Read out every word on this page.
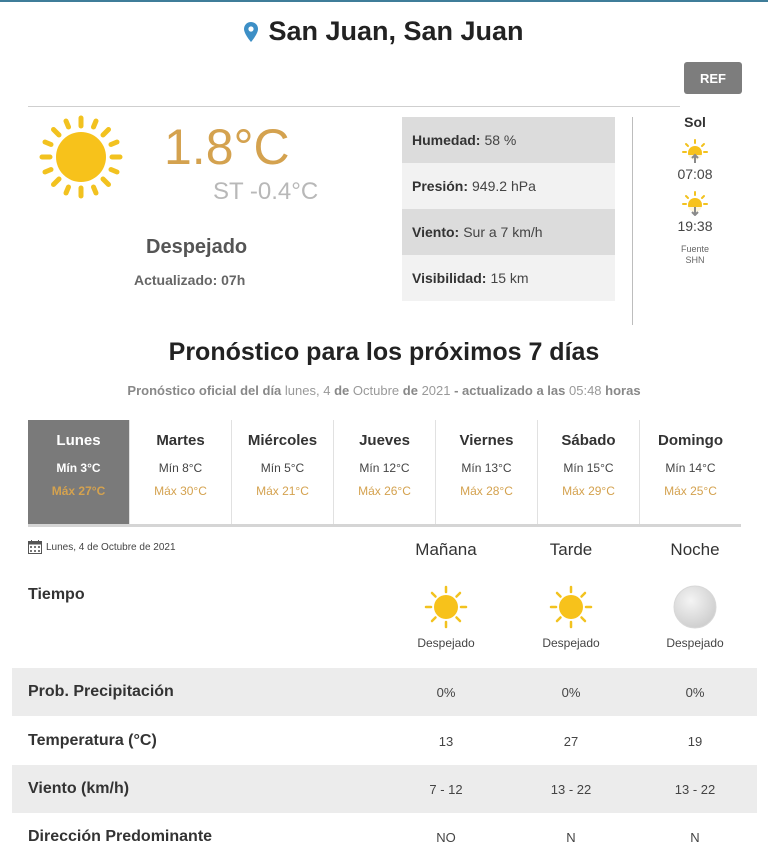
San Juan, San Juan
REF
1.8°C
ST -0.4°C
Despejado
Actualizado: 07h
Humedad: 58 %
Presión: 949.2 hPa
Viento: Sur a 7 km/h
Visibilidad: 15 km
Sol
07:08
19:38
Fuente
SHN
Pronóstico para los próximos 7 días
Pronóstico oficial del día lunes, 4 de Octubre de 2021 - actualizado a las 05:48 horas
Lunes
Mín 3°C
Máx 27°C
Martes
Mín 8°C
Máx 30°C
Miércoles
Mín 5°C
Máx 21°C
Jueves
Mín 12°C
Máx 26°C
Viernes
Mín 13°C
Máx 28°C
Sábado
Mín 15°C
Máx 29°C
Domingo
Mín 14°C
Máx 25°C
Lunes, 4 de Octubre de 2021	Mañana	Tarde	Noche
Tiempo
Despejado	Despejado	Despejado
Prob. Precipitación	0%	0%	0%
Temperatura (°C)	13	27	19
Viento (km/h)	7 - 12	13 - 22	13 - 22
Dirección Predominante	NO	N	N
